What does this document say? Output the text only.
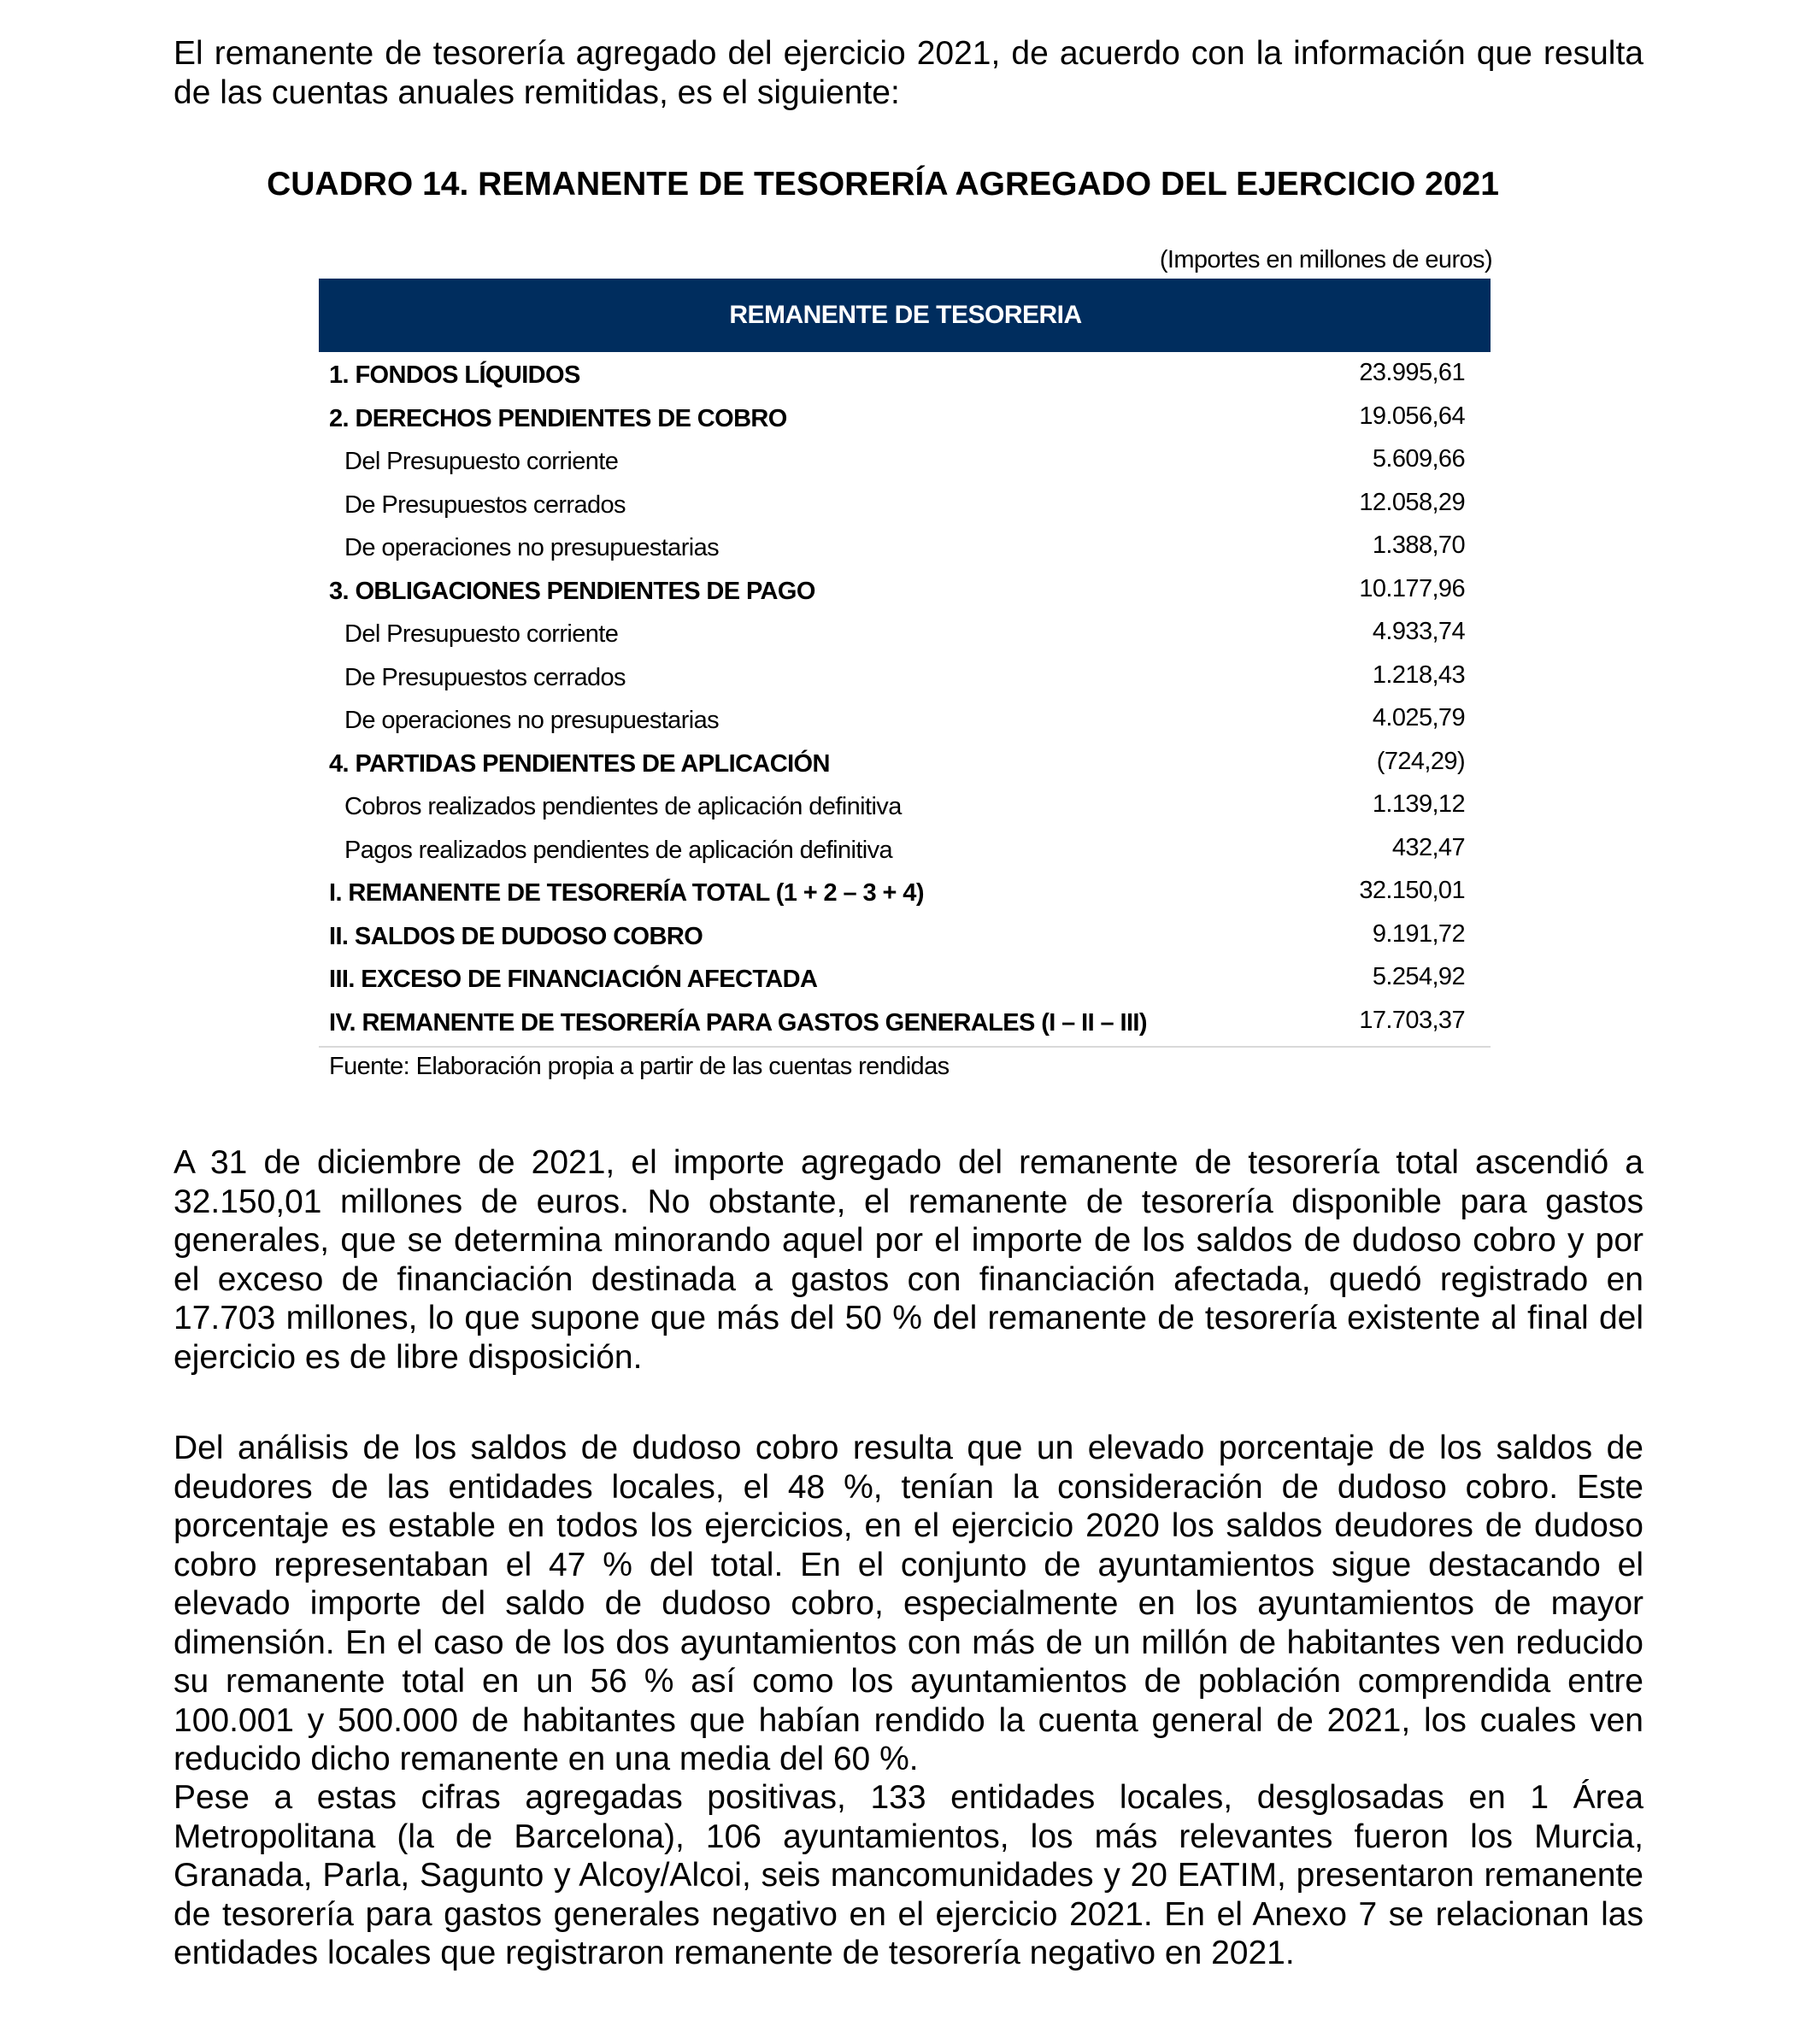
El remanente de tesorería agregado del ejercicio 2021, de acuerdo con la información que resulta de las cuentas anuales remitidas, es el siguiente:

CUADRO 14. REMANENTE DE TESORERÍA AGREGADO DEL EJERCICIO 2021
(Importes en millones de euros)
REMANENTE DE TESORERIA
1. FONDOS LÍQUIDOS	23.995,61
2. DERECHOS PENDIENTES DE COBRO	19.056,64
Del Presupuesto corriente	5.609,66
De Presupuestos cerrados	12.058,29
De operaciones no presupuestarias	1.388,70
3. OBLIGACIONES PENDIENTES DE PAGO	10.177,96
Del Presupuesto corriente	4.933,74
De Presupuestos cerrados	1.218,43
De operaciones no presupuestarias	4.025,79
4. PARTIDAS PENDIENTES DE APLICACIÓN	(724,29)
Cobros realizados pendientes de aplicación definitiva	1.139,12
Pagos realizados pendientes de aplicación definitiva	432,47
I. REMANENTE DE TESORERÍA TOTAL (1 + 2 – 3 + 4)	32.150,01
II. SALDOS DE DUDOSO COBRO	9.191,72
III. EXCESO DE FINANCIACIÓN AFECTADA	5.254,92
IV. REMANENTE DE TESORERÍA PARA GASTOS GENERALES (I – II – III)	17.703,37
Fuente: Elaboración propia a partir de las cuentas rendidas

A 31 de diciembre de 2021, el importe agregado del remanente de tesorería total ascendió a 32.150,01 millones de euros. No obstante, el remanente de tesorería disponible para gastos generales, que se determina minorando aquel por el importe de los saldos de dudoso cobro y por el exceso de financiación destinada a gastos con financiación afectada, quedó registrado en 17.703 millones, lo que supone que más del 50 % del remanente de tesorería existente al final del ejercicio es de libre disposición.

Del análisis de los saldos de dudoso cobro resulta que un elevado porcentaje de los saldos de deudores de las entidades locales, el 48 %, tenían la consideración de dudoso cobro. Este porcentaje es estable en todos los ejercicios, en el ejercicio 2020 los saldos deudores de dudoso cobro representaban el 47 % del total. En el conjunto de ayuntamientos sigue destacando el elevado importe del saldo de dudoso cobro, especialmente en los ayuntamientos de mayor dimensión. En el caso de los dos ayuntamientos con más de un millón de habitantes ven reducido su remanente total en un 56 % así como los ayuntamientos de población comprendida entre 100.001 y 500.000 de habitantes que habían rendido la cuenta general de 2021, los cuales ven reducido dicho remanente en una media del 60 %.

Pese a estas cifras agregadas positivas, 133 entidades locales, desglosadas en 1 Área Metropolitana (la de Barcelona), 106 ayuntamientos, los más relevantes fueron los Murcia, Granada, Parla, Sagunto y Alcoy/Alcoi, seis mancomunidades y 20 EATIM, presentaron remanente de tesorería para gastos generales negativo en el ejercicio 2021. En el Anexo 7 se relacionan las entidades locales que registraron remanente de tesorería negativo en 2021.
